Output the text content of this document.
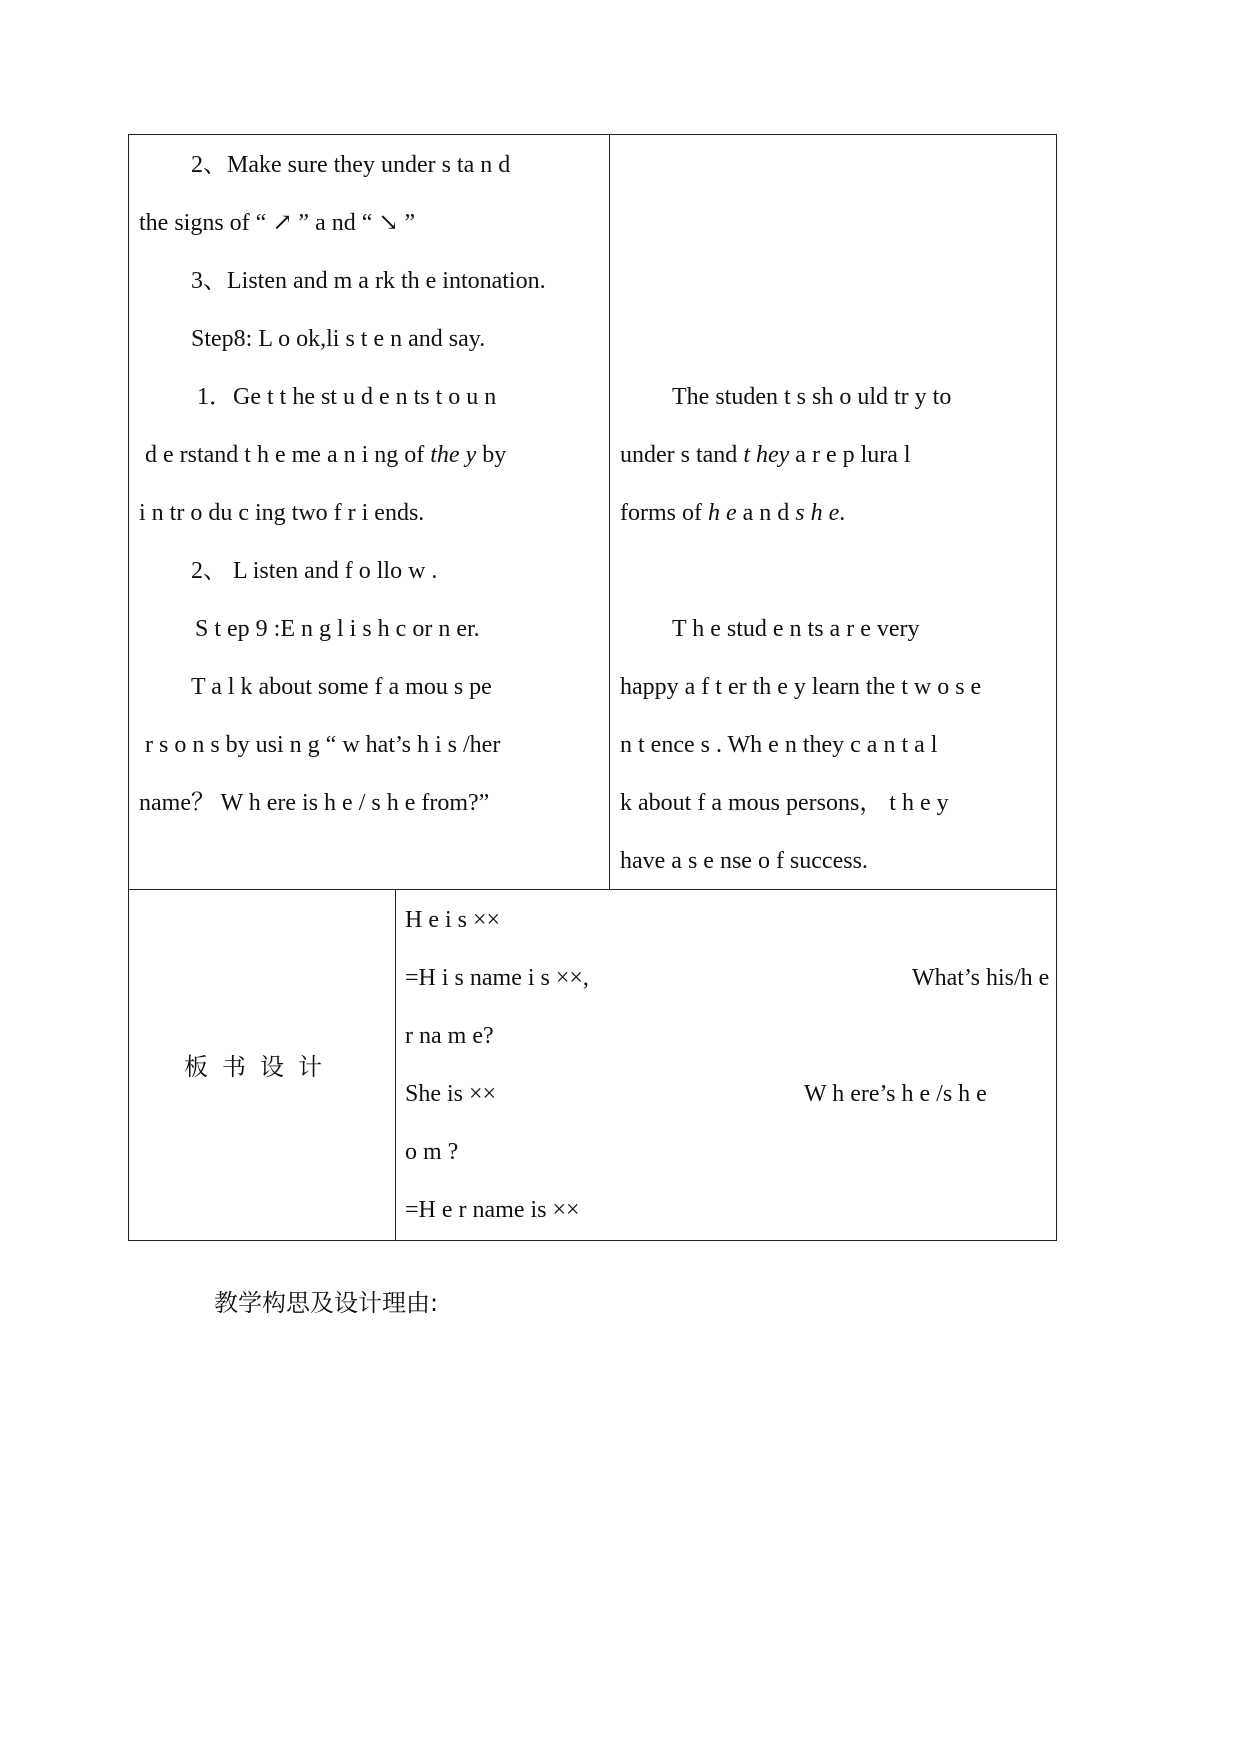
2、Make sure they under s ta n d
the signs of “ ↗ ” a nd “ ↘ ”
3、Listen and m a rk th e intonation.
Step8: L o ok,li s t e n and say.
1．Ge t t he st u d e n ts t o u n
d e rstand t h e me a n i ng of the y by
i n tr o du c ing two f r i ends.
2、 L isten and f o llo w .
S t ep 9 :E n g l i s h c or n er.
T a l k about some f a mou s pe
r s o n s by usi n g “ w hat’s h i s /her
name？ W h ere is h e / s h e from?”
The studen t s sh o uld tr y to
under s tand t hey a r e p lura l
forms of h e a n d s h e.
T h e stud e n ts a r e very
happy a f t er th e y learn the t w o s e
n t ence s . Wh e n they c a n t a l
k about f a mous persons， t h e y
have a s e nse o f success.
板书设计
H e i s ××
=H i s name i s ××,	What’s his/h e
r na m e?
She is ××	W h ere’s h e /s h e
o m ?
=H e r name is ××
教学构思及设计理由:
